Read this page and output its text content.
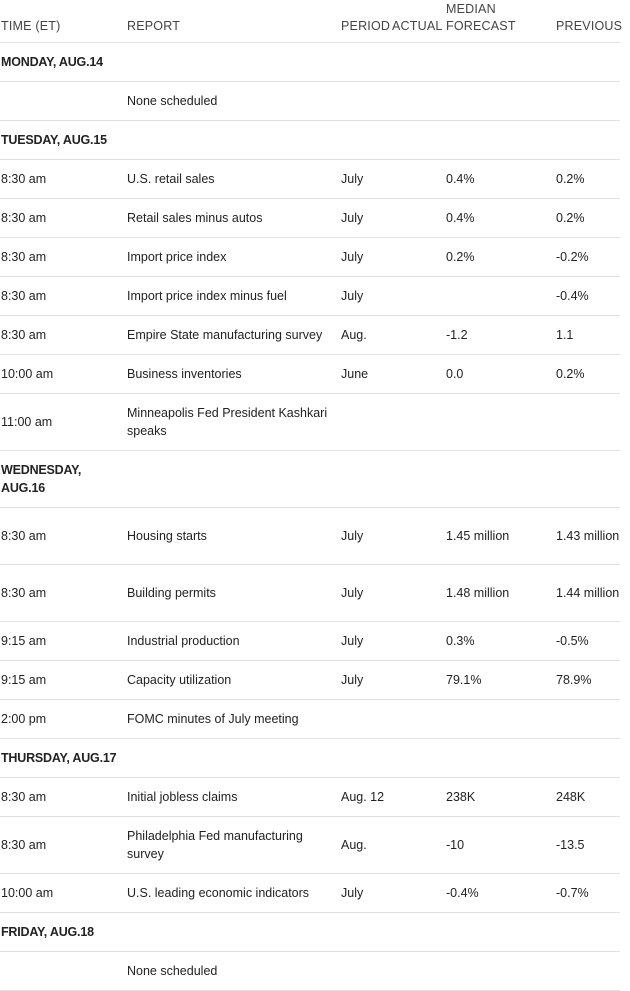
TIME (ET)	REPORT	PERIOD	ACTUAL	MEDIAN FORECAST	PREVIOUS
MONDAY, AUG.14					
	None scheduled				
TUESDAY, AUG.15					
8:30 am	U.S. retail sales	July		0.4%	0.2%
8:30 am	Retail sales minus autos	July		0.4%	0.2%
8:30 am	Import price index	July		0.2%	-0.2%
8:30 am	Import price index minus fuel	July			-0.4%
8:30 am	Empire State manufacturing survey	Aug.		-1.2	1.1
10:00 am	Business inventories	June		0.0	0.2%
11:00 am	Minneapolis Fed President Kashkari speaks				
WEDNESDAY, AUG.16					
8:30 am	Housing starts	July		1.45 million	1.43 million
8:30 am	Building permits	July		1.48 million	1.44 million
9:15 am	Industrial production	July		0.3%	-0.5%
9:15 am	Capacity utilization	July		79.1%	78.9%
2:00 pm	FOMC minutes of July meeting				
THURSDAY, AUG.17					
8:30 am	Initial jobless claims	Aug. 12		238K	248K
8:30 am	Philadelphia Fed manufacturing survey	Aug.		-10	-13.5
10:00 am	U.S. leading economic indicators	July		-0.4%	-0.7%
FRIDAY, AUG.18					
	None scheduled				
